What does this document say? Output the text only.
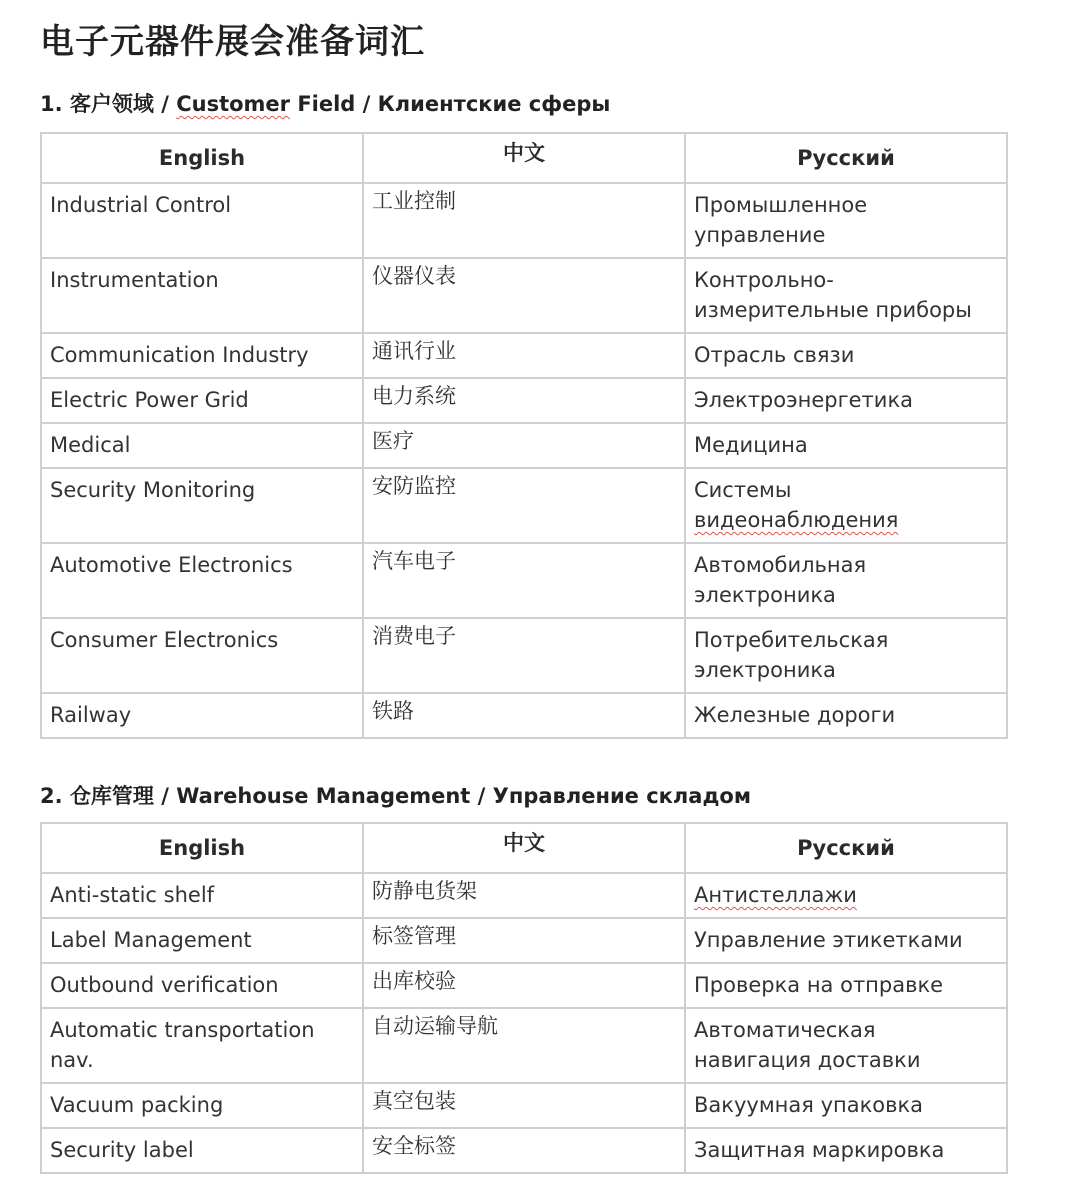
电子元器件展会准备词汇
1. 客户领域 / Customer Field / Клиентские сферы
English	中文	Русский
Industrial Control	工业控制	Промышленное управление
Instrumentation	仪器仪表	Контрольно-измерительные приборы
Communication Industry	通讯行业	Отрасль связи
Electric Power Grid	电力系统	Электроэнергетика
Medical	医疗	Медицина
Security Monitoring	安防监控	Системы видеонаблюдения
Automotive Electronics	汽车电子	Автомобильная электроника
Consumer Electronics	消费电子	Потребительская электроника
Railway	铁路	Железные дороги
2. 仓库管理 / Warehouse Management / Управление складом
English	中文	Русский
Anti-static shelf	防静电货架	Антистеллажи
Label Management	标签管理	Управление этикетками
Outbound verification	出库校验	Проверка на отправке
Automatic transportation nav.	自动运输导航	Автоматическая навигация доставки
Vacuum packing	真空包装	Вакуумная упаковка
Security label	安全标签	Защитная маркировка
